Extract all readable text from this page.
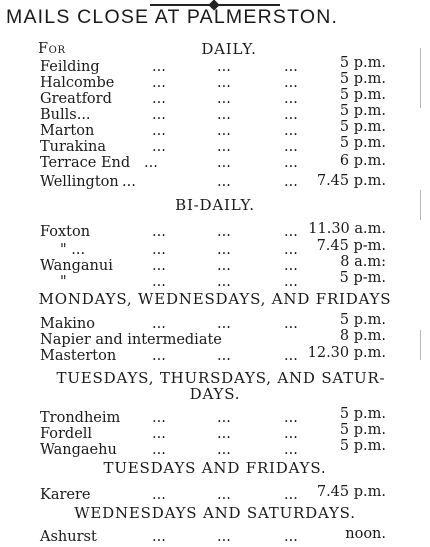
MAILS CLOSE AT PALMERSTON.
For	DAILY.
Feilding	...	...	...	5 p.m.
Halcombe	...	...	...	5 p.m.
Greatford	...	...	...	5 p.m.
Bulls...	...	...	...	5 p.m.
Marton	...	...	...	5 p.m.
Turakina	...	...	...	5 p.m.
Terrace End ...	...	...	6 p.m.
Wellington ...	...	... 7.45 p.m.
BI-DAILY.
Foxton	...	...	... 11.30 a.m.
" ...	...	...	... 7.45 p-m.
Wanganui	...	...	...	8 a.m:
"	...	...	...	5 p-m.
MONDAYS, WEDNESDAYS, AND FRIDAYS
Makino	...	...	...	5 p.m.
Napier and intermediate	8 p.m.
Masterton ...	...	... 12.30 p.m.
TUESDAYS, THURSDAYS, AND SATUR-
DAYS.
Trondheim ...	...	...	5 p.m.
Fordell	...	...	...	5 p.m.
Wangaehu ...	...	...	5 p.m.
TUESDAYS AND FRIDAYS.
Karere	...	...	... 7.45 p.m.
WEDNESDAYS AND SATURDAYS.
Ashurst	...	...	...	noon.
